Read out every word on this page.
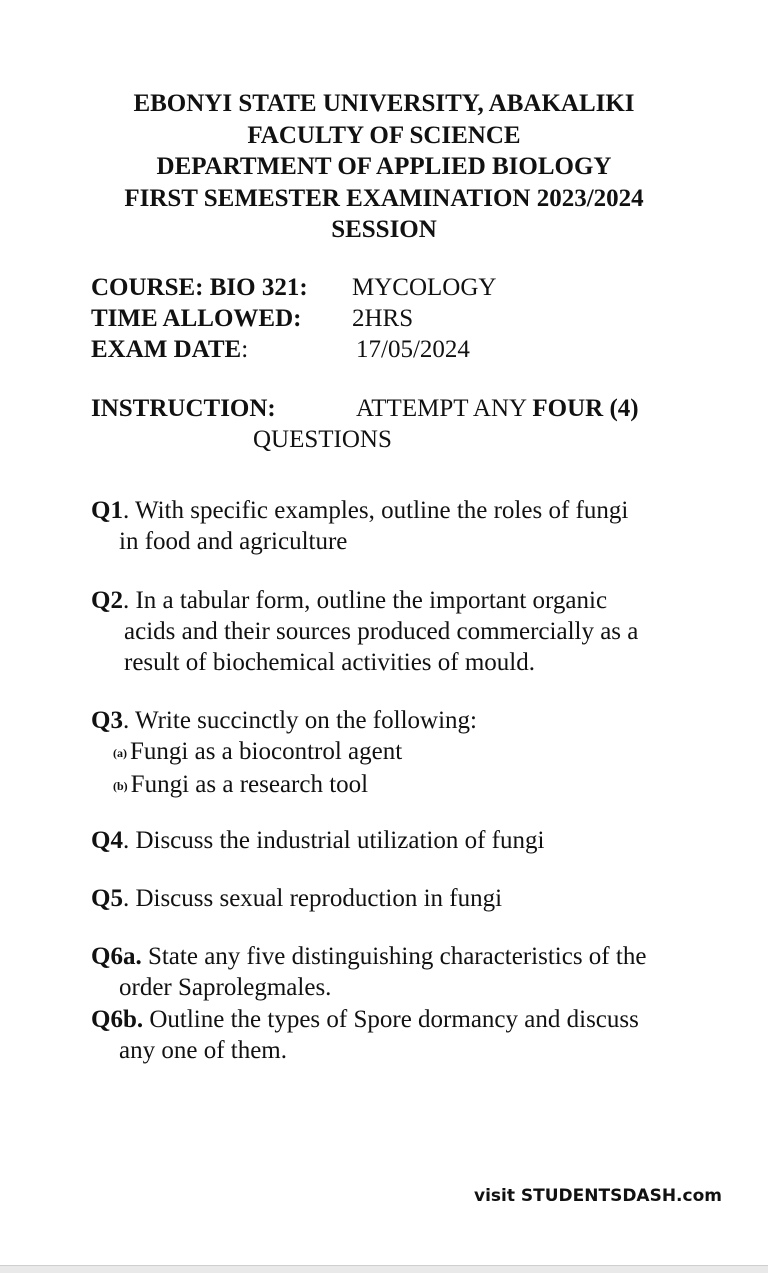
EBONYI STATE UNIVERSITY, ABAKALIKI
FACULTY OF SCIENCE
DEPARTMENT OF APPLIED BIOLOGY
FIRST SEMESTER EXAMINATION 2023/2024
SESSION
COURSE: BIO 321: MYCOLOGY
TIME ALLOWED: 2HRS
EXAM DATE:	17/05/2024
INSTRUCTION:	ATTEMPT ANY FOUR (4)
QUESTIONS
Q1. With specific examples, outline the roles of fungi
in food and agriculture
Q2. In a tabular form, outline the important organic
acids and their sources produced commercially as a
result of biochemical activities of mould.
Q3. Write succinctly on the following:
(a) Fungi as a biocontrol agent
(b) Fungi as a research tool
Q4. Discuss the industrial utilization of fungi
Q5. Discuss sexual reproduction in fungi
Q6a. State any five distinguishing characteristics of the
order Saprolegmales.
Q6b. Outline the types of Spore dormancy and discuss
any one of them.
visit STUDENTSDASH.com
